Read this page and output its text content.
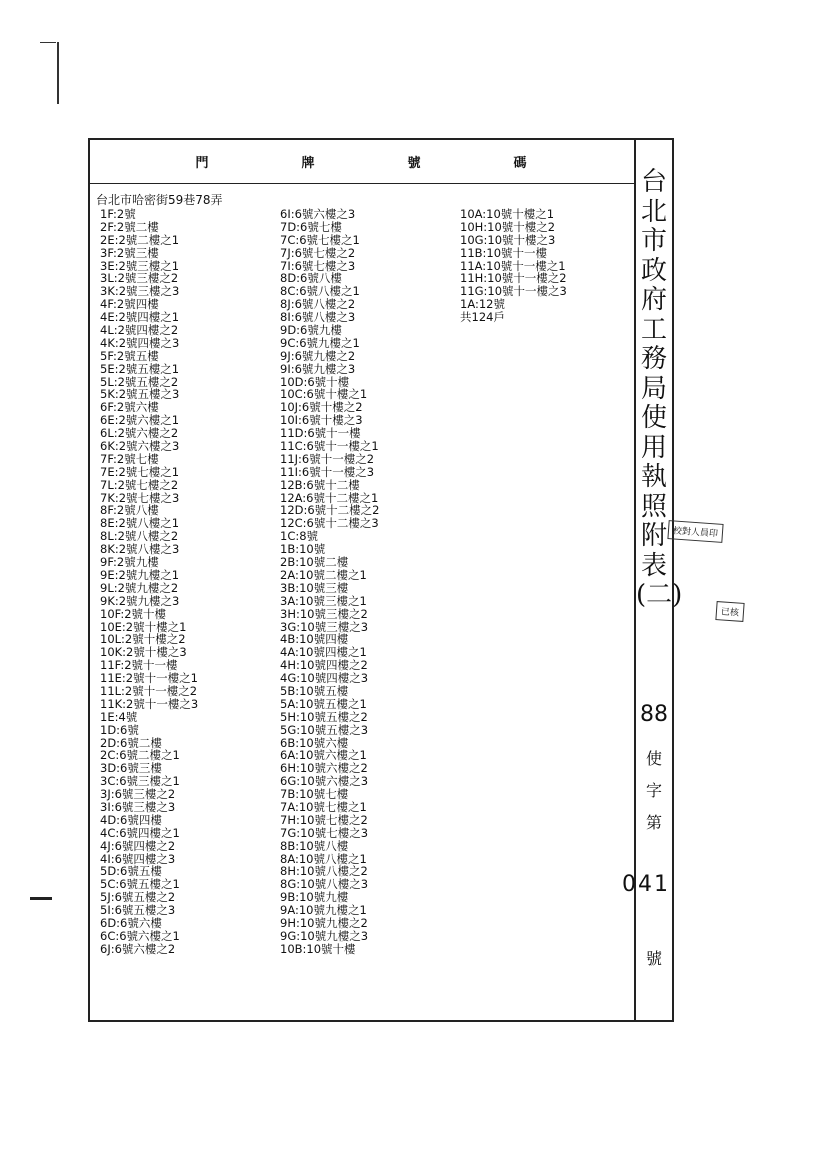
門	牌	號	碼
台北市哈密街59巷78弄
1F:2號
2F:2號二樓
2E:2號二樓之1
3F:2號三樓
3E:2號三樓之1
3L:2號三樓之2
3K:2號三樓之3
4F:2號四樓
4E:2號四樓之1
4L:2號四樓之2
4K:2號四樓之3
5F:2號五樓
5E:2號五樓之1
5L:2號五樓之2
5K:2號五樓之3
6F:2號六樓
6E:2號六樓之1
6L:2號六樓之2
6K:2號六樓之3
7F:2號七樓
7E:2號七樓之1
7L:2號七樓之2
7K:2號七樓之3
8F:2號八樓
8E:2號八樓之1
8L:2號八樓之2
8K:2號八樓之3
9F:2號九樓
9E:2號九樓之1
9L:2號九樓之2
9K:2號九樓之3
10F:2號十樓
10E:2號十樓之1
10L:2號十樓之2
10K:2號十樓之3
11F:2號十一樓
11E:2號十一樓之1
11L:2號十一樓之2
11K:2號十一樓之3
1E:4號
1D:6號
2D:6號二樓
2C:6號二樓之1
3D:6號三樓
3C:6號三樓之1
3J:6號三樓之2
3I:6號三樓之3
4D:6號四樓
4C:6號四樓之1
4J:6號四樓之2
4I:6號四樓之3
5D:6號五樓
5C:6號五樓之1
5J:6號五樓之2
5I:6號五樓之3
6D:6號六樓
6C:6號六樓之1
6J:6號六樓之2
6I:6號六樓之3
7D:6號七樓
7C:6號七樓之1
7J:6號七樓之2
7I:6號七樓之3
8D:6號八樓
8C:6號八樓之1
8J:6號八樓之2
8I:6號八樓之3
9D:6號九樓
9C:6號九樓之1
9J:6號九樓之2
9I:6號九樓之3
10D:6號十樓
10C:6號十樓之1
10J:6號十樓之2
10I:6號十樓之3
11D:6號十一樓
11C:6號十一樓之1
11J:6號十一樓之2
11I:6號十一樓之3
12B:6號十二樓
12A:6號十二樓之1
12D:6號十二樓之2
12C:6號十二樓之3
1C:8號
1B:10號
2B:10號二樓
2A:10號二樓之1
3B:10號三樓
3A:10號三樓之1
3H:10號三樓之2
3G:10號三樓之3
4B:10號四樓
4A:10號四樓之1
4H:10號四樓之2
4G:10號四樓之3
5B:10號五樓
5A:10號五樓之1
5H:10號五樓之2
5G:10號五樓之3
6B:10號六樓
6A:10號六樓之1
6H:10號六樓之2
6G:10號六樓之3
7B:10號七樓
7A:10號七樓之1
7H:10號七樓之2
7G:10號七樓之3
8B:10號八樓
8A:10號八樓之1
8H:10號八樓之2
8G:10號八樓之3
9B:10號九樓
9A:10號九樓之1
9H:10號九樓之2
9G:10號九樓之3
10B:10號十樓
10A:10號十樓之1
10H:10號十樓之2
10G:10號十樓之3
11B:10號十一樓
11A:10號十一樓之1
11H:10號十一樓之2
11G:10號十一樓之3
1A:12號
共124戶
台
北
市
政
府
工
務
局
使
用
執
照
附
表
(二)
88
使
字
第
041
號
校對人員印
已核
